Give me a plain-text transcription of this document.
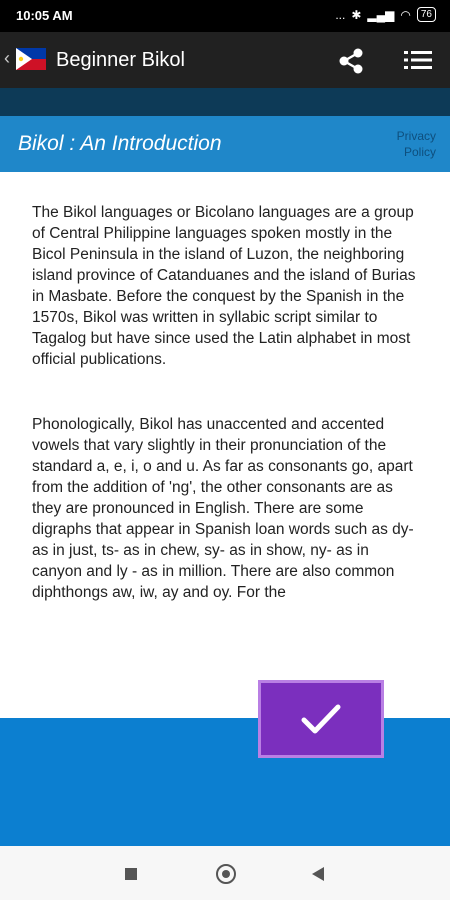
10:05 AM	... ✱ ▂▄▆ ◠	76
‹ Beginner Bikol
Bikol : An Introduction	Privacy Policy

The Bikol languages or Bicolano languages are a group of Central Philippine languages spoken mostly in the Bicol Peninsula in the island of Luzon, the neighboring island province of Catanduanes and the island of Burias in Masbate. Before the conquest by the Spanish in the 1570s, Bikol was written in syllabic script similar to Tagalog but have since used the Latin alphabet in most official publications.

Phonologically, Bikol has unaccented and accented vowels that vary slightly in their pronunciation of the standard a, e, i, o and u. As far as consonants go, apart from the addition of 'ng', the other consonants are as they are pronounced in English. There are some digraphs that appear in Spanish loan words such as dy- as in just, ts- as in chew, sy- as in show, ny- as in canyon and ly - as in million. There are also common diphthongs aw, iw, ay and oy. For the
